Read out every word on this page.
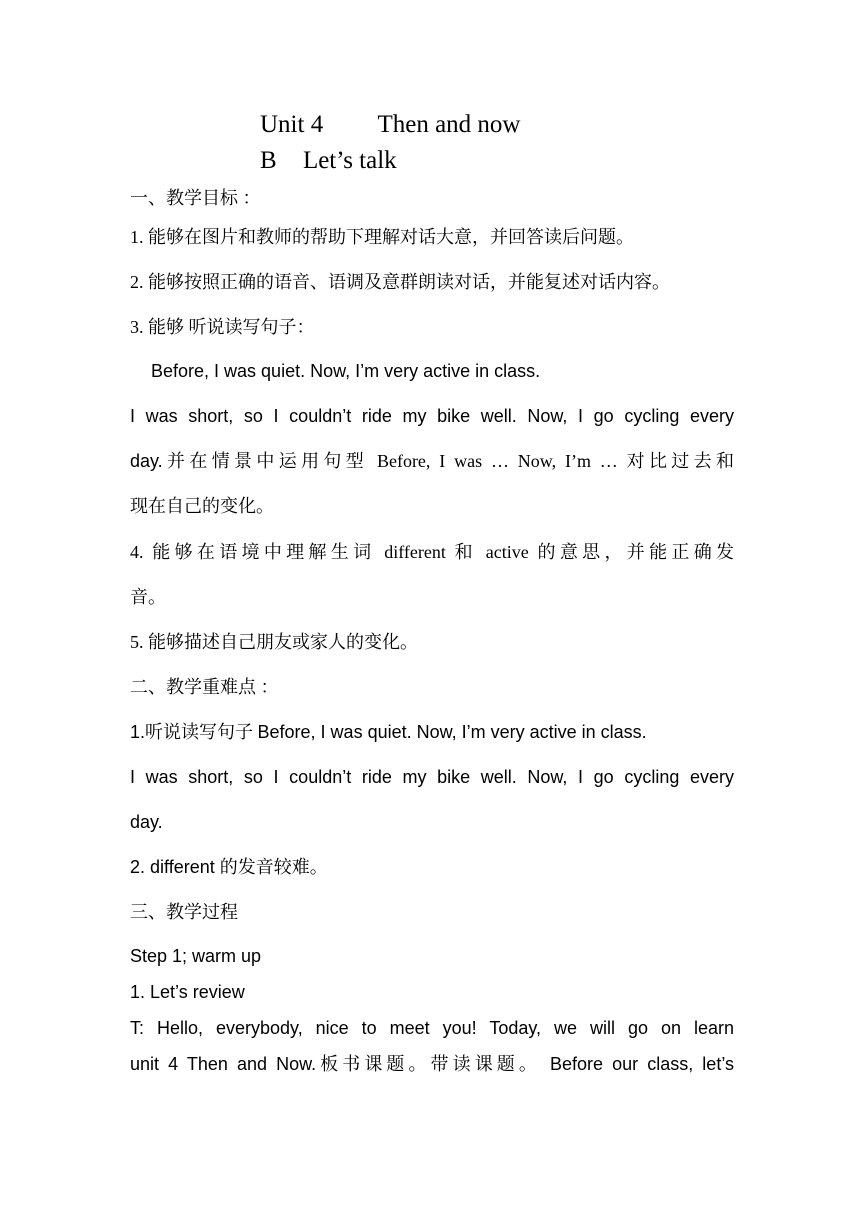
Unit 4 Then and now
B Let’s talk
一、教学目标 ：
1. 能够在图片和教师的帮助下理解对话大意，并回答读后问题。
2. 能够按照正确的语音、语调及意群朗读对话，并能复述对话内容。
3. 能够 听说读写句子：
Before, I was quiet. Now, I’m very active in class.
I was short, so I couldn’t ride my bike well. Now, I go cycling every
day.并在情景中运用句型 Before, I was … Now, I’m … 对比过去和
现在自己的变化。
4. 能够在语境中理解生词 different 和 active 的意思，并能正确发
音。
5. 能够描述自己朋友或家人的变化。
二、教学重难点 ：
1.听说读写句子 Before, I was quiet. Now, I’m very active in class.
I was short, so I couldn’t ride my bike well. Now, I go cycling every
day.
2. different 的发音较难。
三、教学过程
Step 1; warm up
1. Let’s review
T: Hello, everybody, nice to meet you! Today, we will go on learn
unit 4 Then and Now.板书课题。带读课题。 Before our class, let’s
